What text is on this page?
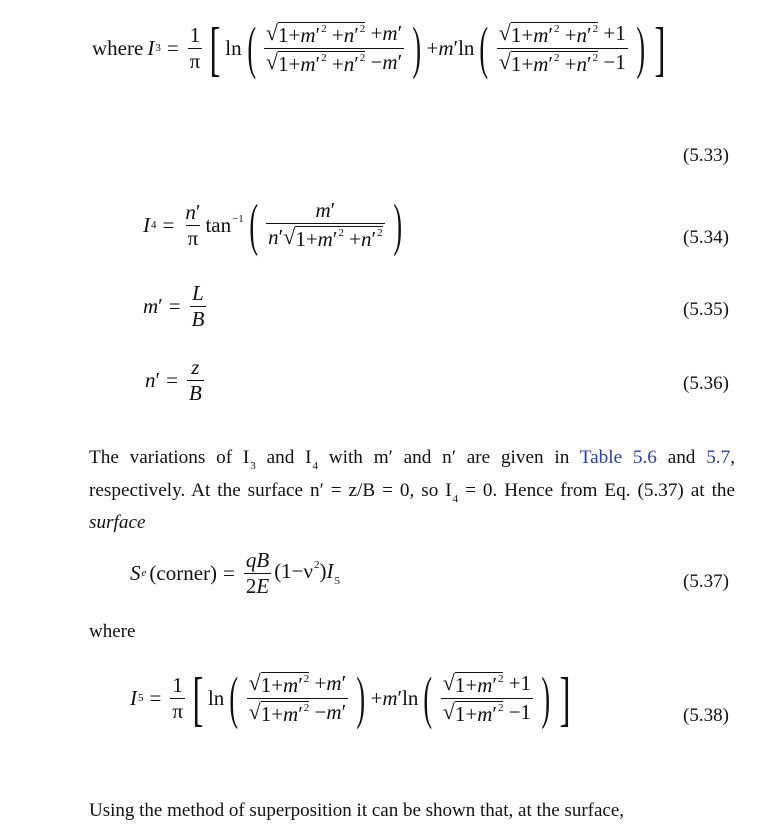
where I $3 = \frac{1}{\pi}$ [ ln ( $\frac{√ 1+m'^2 +n'^2 +m'}{√ 1+m'^2 +n'^2 -m'}$ ) +m′ln ( $\frac{√ 1+m'^2 +n'^2 +1}{√ 1+m'^2 +n'^2 -1}$ ) ]
(5.33)
I $4 = \frac{n'}{\pi} \tan^{-1}$ ( $\frac{m'}{n' √ 1+m'^2 +n'^2}$ )	(5.34)
m ′ = $\frac{L}{B}$	(5.35)
n ′ = $\frac{z}{B}$	(5.36)
The variations of $I_3$ and $I_4$ with m′ and n′ are given in Table 5.6 and 5.7, respectively. At the surface n′ = z/B = 0, so $I_4 = 0$. Hence from Eq. (5.37) at the surface
S e (corner) = $\frac{qB}{2E} (1-\nu^2)I_5$	(5.37)
where
I $5 = \frac{1}{\pi}$ [ ln ( $\frac{√ 1+m'^2 +m'}{√ 1+m'^2 -m'}$ ) +m′ln ( $\frac{√ 1+m'^2 +1}{√ 1+m'^2 -1}$ ) ]	(5.38)
Using the method of superposition it can be shown that, at the surface,
